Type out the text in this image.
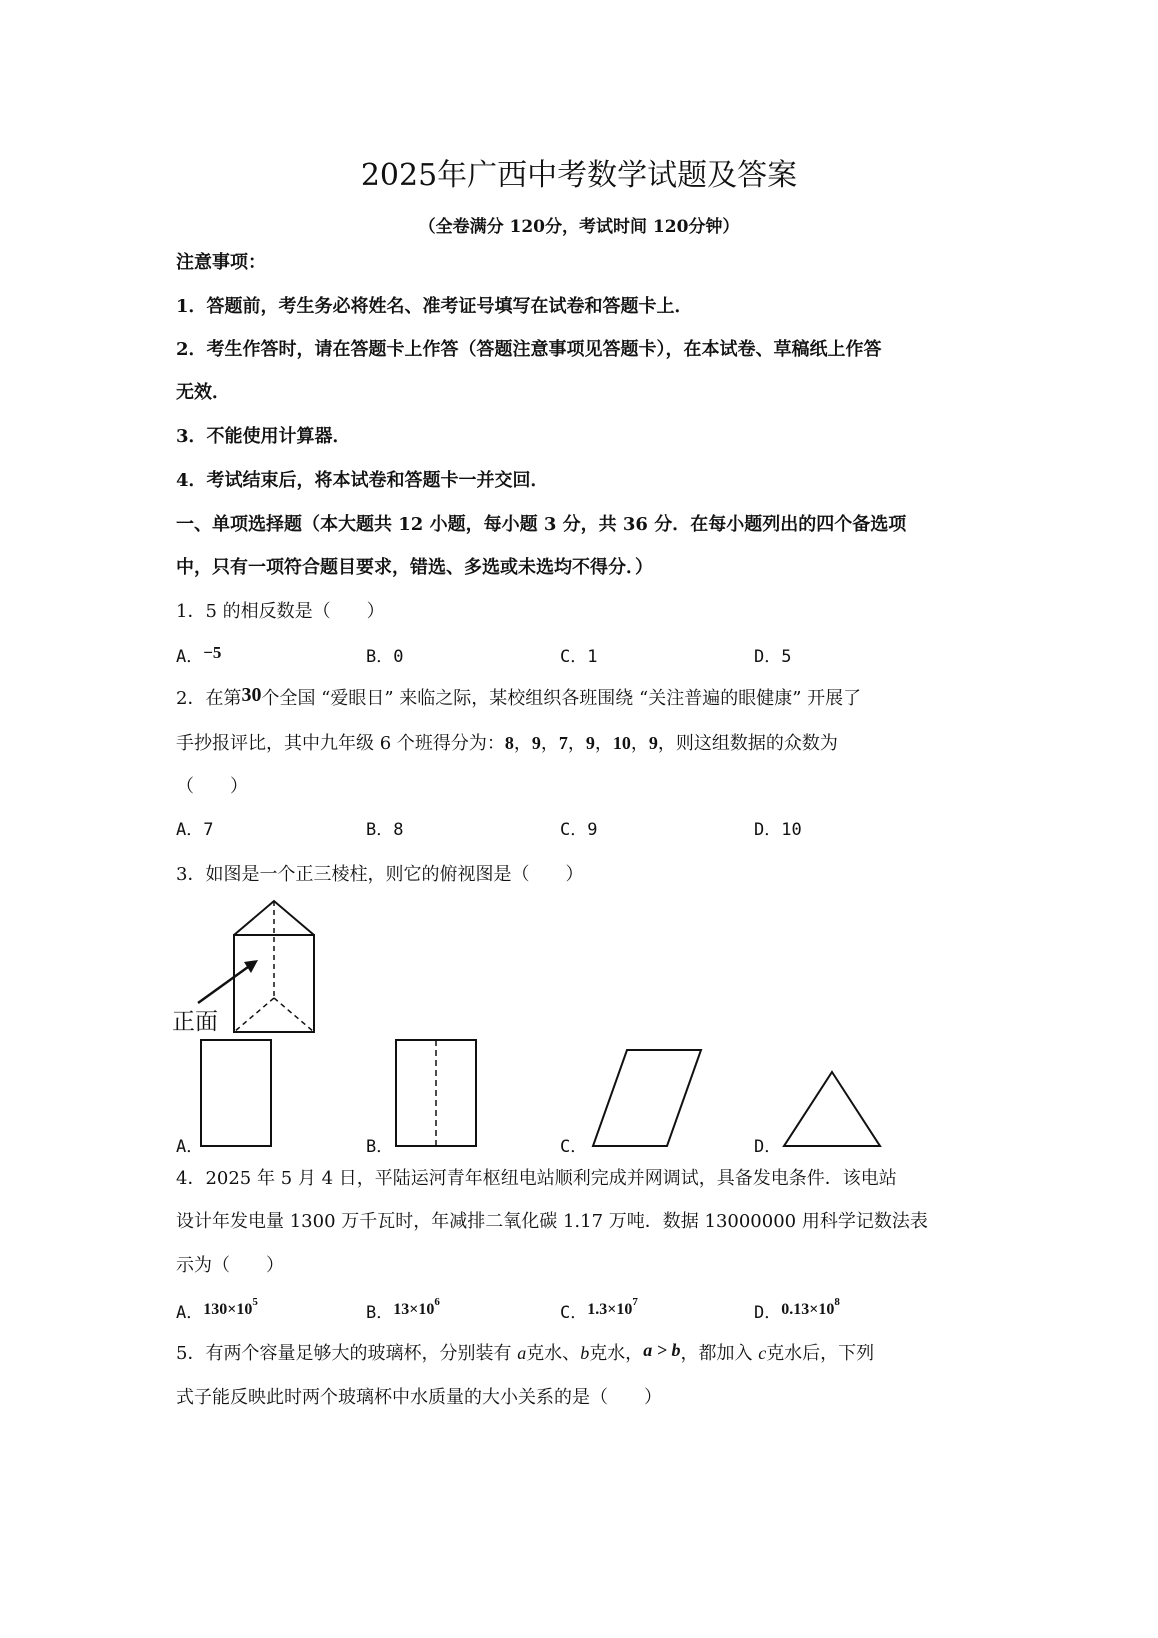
2025年广西中考数学试题及答案
（全卷满分 120分，考试时间 120分钟）
注意事项：
1．答题前，考生务必将姓名、准考证号填写在试卷和答题卡上．
2．考生作答时，请在答题卡上作答（答题注意事项见答题卡），在本试卷、草稿纸上作答
无效．
3．不能使用计算器．
4．考试结束后，将本试卷和答题卡一并交回．
一、单项选择题（本大题共 12 小题，每小题 3 分，共 36 分．在每小题列出的四个备选项
中，只有一项符合题目要求，错选、多选或未选均不得分．）
1．5 的相反数是（　　）
A．−5	B．0	C．1	D．5
2．在第30个全国 “爱眼日” 来临之际，某校组织各班围绕 “关注普遍的眼健康” 开展了
手抄报评比，其中九年级 6 个班得分为：8，9，7，9，10，9，则这组数据的众数为
（　　）
A．7	B．8	C．9	D．10
3．如图是一个正三棱柱，则它的俯视图是（　　）
正面
A．	B．	C．	D．
4．2025 年 5 月 4 日，平陆运河青年枢纽电站顺利完成并网调试，具备发电条件．该电站
设计年发电量 1300 万千瓦时，年减排二氧化碳 1.17 万吨．数据 13000000 用科学记数法表
示为（　　）
A．$130\times 10^5$
B．$13\times 10^6$
C．$1.3\times 10^7$
D．$0.13\times 10^8$
5．有两个容量足够大的玻璃杯，分别装有 a克水、b克水，a > b，都加入 c克水后，下列
式子能反映此时两个玻璃杯中水质量的大小关系的是（　　）
